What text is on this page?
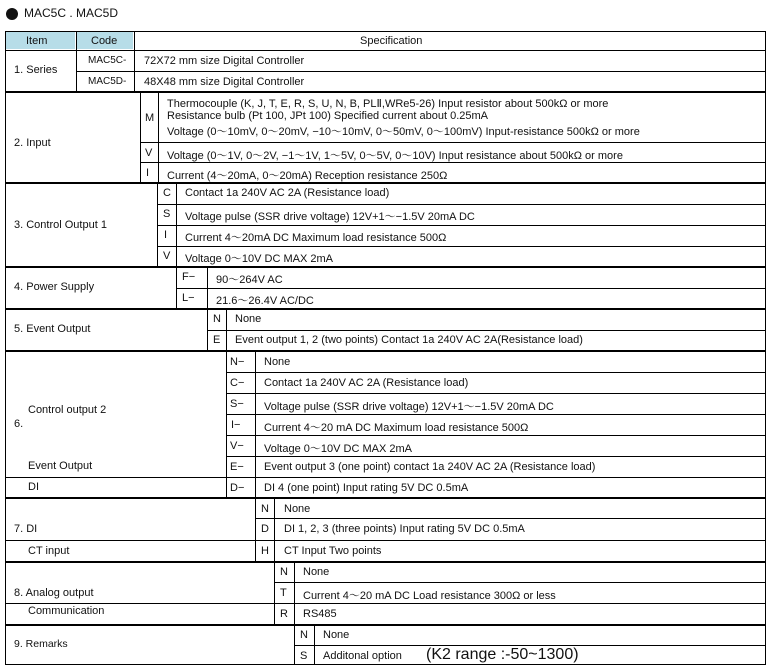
MAC5C . MAC5D
Item	Code	Specification
1. Series
MAC5C- 72X72 mm size Digital Controller
MAC5D- 48X48 mm size Digital Controller
2. Input
M
Thermocouple (K, J, T, E, R, S, U, N, B, PLⅡ,WRe5-26) Input resistor about 500kΩ or more
Resistance bulb (Pt 100, JPt 100) Specified current about 0.25mA
Voltage (0～10mV, 0～20mV, −10～10mV, 0～50mV, 0～100mV) Input-resistance 500kΩ or more
V Voltage (0～1V, 0～2V, −1～1V, 1～5V, 0～5V, 0～10V) Input resistance about 500kΩ or more
I Current (4～20mA, 0～20mA) Reception resistance 250Ω
3. Control Output 1
C Contact 1a 240V AC 2A (Resistance load)
S Voltage pulse (SSR drive voltage) 12V+1～−1.5V 20mA DC
I Current 4～20mA DC Maximum load resistance 500Ω
V Voltage 0～10V DC MAX 2mA
4. Power Supply
F− 90～264V AC
L− 21.6～26.4V AC/DC
5. Event Output
N None
E Event output 1, 2 (two points) Contact 1a 240V AC 2A(Resistance load)
6.
Control output 2
Event Output
DI
N− None
C− Contact 1a 240V AC 2A (Resistance load)
S− Voltage pulse (SSR drive voltage) 12V+1～−1.5V 20mA DC
I− Current 4～20 mA DC Maximum load resistance 500Ω
V− Voltage 0～10V DC MAX 2mA
E− Event output 3 (one point) contact 1a 240V AC 2A (Resistance load)
D− DI 4 (one point) Input rating 5V DC 0.5mA
7. DI
CT input
N None
D DI 1, 2, 3 (three points) Input rating 5V DC 0.5mA
H CT Input Two points
8. Analog output
Communication
N None
T Current 4～20 mA DC Load resistance 300Ω or less
R RS485
9. Remarks
N None
S Additonal option (K2 range :-50~1300)
